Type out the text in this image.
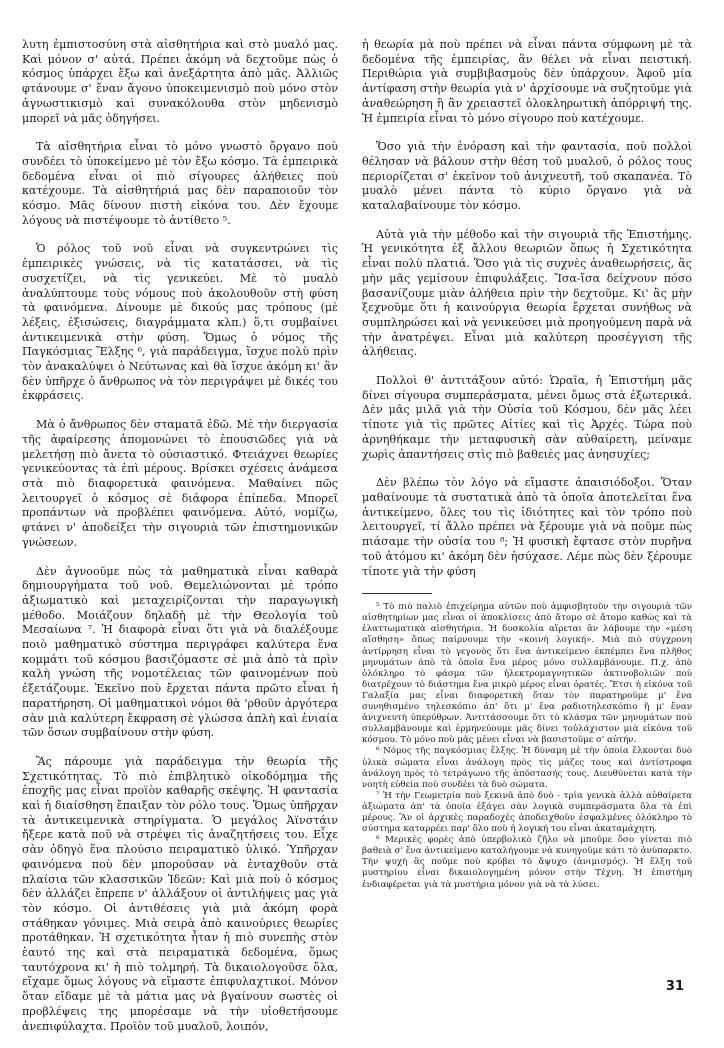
λυτη ἐμπιστοσύνη στὰ αἰσθητήρια καὶ στὸ μυαλό μας. Καὶ μόνον σ' αὐτά. Πρέπει ἀκόμη νὰ δεχτοῦμε πὼς ὁ κόσμος ὑπάρχει ἔξω καὶ ἀνεξάρτητα ἀπὸ μᾶς. Ἀλλιῶς φτάνουμε σ' ἕναν ἄγονο ὑποκειμενισμὸ ποὺ μόνο στὸν ἀγνωστικισμὸ καὶ συνακόλουθα στὸν μηδενισμὸ μπορεῖ νὰ μᾶς ὁδηγήσει.

Τὰ αἰσθητήρια εἶναι τὸ μόνο γνωστὸ ὄργανο ποὺ συνδέει τὸ ὑποκείμενο μὲ τὸν ἔξω κόσμο. Τὰ ἐμπειρικὰ δεδομένα εἶναι οἱ πιὸ σίγουρες ἀλήθειες ποὺ κατέχουμε. Τὰ αἰσθητήριά μας δὲν παραποιοῦν τὸν κόσμο. Μᾶς δίνουν πιστὴ εἰκόνα του. Δὲν ἔχουμε λόγους νὰ πιστέψουμε τὸ ἀντίθετο ⁵.

Ὁ ρόλος τοῦ νοῦ εἶναι νὰ συγκεντρώνει τὶς ἐμπειρικὲς γνώσεις, νὰ τὶς κατατάσσει, νὰ τὶς συσχετίζει, νὰ τὶς γενικεύει. Μὲ τὸ μυαλὸ ἀναλύπτουμε τοὺς νόμους ποὺ ἀκολουθοῦν στὴ φύση τὰ φαινόμενα. Δίνουμε μὲ δικούς μας τρόπους (μὲ λέξεις, ἐξισώσεις, διαγράμματα κλπ.) ὅ,τι συμβαίνει ἀντικειμενικὰ στὴν φύση. Ὅμως ὁ νόμος τῆς Παγκόσμιας Ἕλξης ⁶, γιὰ παράδειγμα, ἴσχυε πολὺ πρὶν τὸν ἀνακαλύψει ὁ Νεύτωνας καὶ θὰ ἴσχυε ἀκόμη κι' ἂν δὲν ὑπῆρχε ὁ ἄνθρωπος νὰ τὸν περιγράψει μὲ δικές του ἐκφράσεις.

Μὰ ὁ ἄνθρωπος δὲν σταματᾶ ἐδῶ. Μὲ τὴν διεργασία τῆς ἀφαίρεσης ἀπομονώνει τὸ ἐπουσιῶδες γιὰ νὰ μελετήσῃ πιὸ ἄνετα τὸ οὐσιαστικό. Φτειάχνει θεωρίες γενικεύοντας τὰ ἐπὶ μέρους. Βρίσκει σχέσεις ἀνάμεσα στὰ πιὸ διαφορετικὰ φαινόμενα. Μαθαίνει πῶς λειτουργεῖ ὁ κόσμος σὲ διάφορα ἐπίπεδα. Μπορεῖ προπάντων νὰ προβλέπει φαινόμενα. Αὐτό, νομίζω, φτάνει ν' ἀποδείξει τὴν σιγουριὰ τῶν ἐπιστημονικῶν γνώσεων.

Δὲν ἀγνοοῦμε πὼς τὰ μαθηματικὰ εἶναι καθαρὰ δημιουργήματα τοῦ νοῦ. Θεμελιώνονται μὲ τρόπο ἀξιωματικὸ καὶ μεταχειρίζονται τὴν παραγωγικὴ μέθοδο. Μοιάζουν δηλαδὴ μὲ τὴν Θεολογία τοῦ Μεσαίωνα ⁷. Ἡ διαφορὰ εἶναι ὅτι γιὰ νὰ διαλέξουμε ποιὸ μαθηματικὸ σύστημα περιγράφει καλύτερα ἕνα κομμάτι τοῦ κόσμου βασιζόμαστε σὲ μιὰ ἀπὸ τὰ πρὶν καλὴ γνώση τῆς νομοτέλειας τῶν φαινομένων ποὺ ἐξετάζουμε. Ἐκεῖνο ποὺ ἔρχεται πάντα πρῶτο εἶναι ἡ παρατήρηση. Οἱ μαθηματικοὶ νόμοι θὰ 'ρθοῦν ἀργότερα σὰν μιὰ καλύτερη ἔκφραση σὲ γλώσσα ἁπλὴ καὶ ἑνιαία τῶν ὅσων συμβαίνουν στὴν φύση.

Ἂς πάρουμε γιὰ παράδειγμα τὴν θεωρία τῆς Σχετικότητας. Τὸ πιὸ ἐπιβλητικὸ οἰκοδόμημα τῆς ἐποχῆς μας εἶναι προϊὸν καθαρῆς σκέψης. Ἡ φαντασία καὶ ἡ διαίσθηση ἔπαιξαν τὸν ρόλο τους. Ὅμως ὑπῆρχαν τὰ ἀντικειμενικὰ στηρίγματα. Ὁ μεγάλος Ἀϊνστάιν ἤξερε κατὰ ποῦ νὰ στρέψει τὶς ἀναζητήσεις του. Εἶχε σὰν ὁδηγὸ ἕνα πλούσιο πειραματικὸ ὑλικό. Ὑπῆρχαν φαινόμενα ποὺ δὲν μποροῦσαν νὰ ἐνταχθοῦν στὰ πλαίσια τῶν κλασσικῶν Ἰδεῶν: Καὶ μιὰ ποὺ ὁ κόσμος δὲν ἀλλάζει ἔπρεπε ν' ἀλλάξουν οἱ ἀντιλήψεις μας γιὰ τὸν κόσμο. Οἱ ἀντιθέσεις γιὰ μιὰ ἀκόμη φορὰ στάθηκαν γόνιμες. Μιὰ σειρὰ ἀπὸ καινούριες θεωρίες προτάθηκαν. Ἡ σχετικότητα ἦταν ἡ πιὸ συνεπὴς στὸν ἑαυτό της καὶ στὰ πειραματικὰ δεδομένα, ὅμως ταυτόχρονα κι' ἡ πιὸ τολμηρή. Τὰ δικαιολογοῦσε ὅλα, εἴχαμε ὅμως λόγους νὰ εἴμαστε ἐπιφυλαχτικοί. Μόνον ὅταν εἴδαμε μὲ τὰ μάτια μας νὰ βγαίνουν σωστὲς οἱ προβλέψεις της μπορέσαμε νὰ τὴν υἱοθετήσουμε ἀνεπιφύλαχτα. Προϊὸν τοῦ μυαλοῦ, λοιπόν,

ἡ θεωρία μὰ ποὺ πρέπει νὰ εἶναι πάντα σύμφωνη μὲ τὰ δεδομένα τῆς ἐμπειρίας, ἂν θέλει νὰ εἶναι πειστική. Περιθώρια γιὰ συμβιβασμοὺς δὲν ὑπάρχουν. Ἀφοῦ μία ἀντίφαση στὴν θεωρία γιὰ ν' ἀρχίσουμε νὰ συζητοῦμε γιὰ ἀναθεώρηση ἢ ἂν χρειαστεῖ ὁλοκληρωτικὴ ἀπόρριψή της. Ἡ ἐμπειρία εἶναι τὸ μόνο σίγουρο ποὺ κατέχουμε.

Ὅσο γιὰ τὴν ἐνόραση καὶ τὴν φαντασία, ποὺ πολλοὶ θέλησαν νὰ βάλουν στὴν θέση τοῦ μυαλοῦ, ὁ ρόλος τους περιορίζεται σ' ἐκεῖνον τοῦ ἀνιχνευτῆ, τοῦ σκαπανέα. Τὸ μυαλὸ μένει πάντα τὸ κύριο ὄργανο γιὰ νὰ καταλαβαίνουμε τὸν κόσμο.

Αὐτὰ γιὰ τὴν μέθοδο καὶ τὴν σιγουριὰ τῆς Ἐπιστήμης. Ἡ γενικότητα ἐξ ἄλλου θεωριῶν ὅπως ἡ Σχετικότητα εἶναι πολὺ πλατιά. Ὅσο γιὰ τὶς συχνὲς ἀναθεωρήσεις, ἂς μὴν μᾶς γεμίσουν ἐπιφυλάξεις. Ἴσα-ἴσα δείχνουν πόσο βασανίζουμε μιὰν ἀλήθεια πρὶν τὴν δεχτοῦμε. Κι' ἂς μὴν ξεχνοῦμε ὅτι ἡ καινούργια θεωρία ἔρχεται συνήθως νὰ συμπληρώσει καὶ νὰ γενικεύσει μιὰ προηγούμενη παρὰ νὰ τὴν ἀνατρέψει. Εἶναι μιὰ καλύτερη προσέγγιση τῆς ἀλήθειας.

Πολλοὶ θ' ἀντιτάξουν αὐτό: Ὡραῖα, ἡ Ἐπιστήμη μᾶς δίνει σίγουρα συμπεράσματα, μένει ὅμως στὰ ἐξωτερικά. Δὲν μᾶς μιλᾶ γιὰ τὴν Οὐσία τοῦ Κόσμου, δὲν μᾶς λέει τίποτε γιὰ τὶς πρῶτες Αἰτίες καὶ τὶς Ἀρχές. Τώρα ποὺ ἀρνηθήκαμε τὴν μεταφυσικὴ σὰν αὐθαίρετη, μείναμε χωρὶς ἀπαντήσεις στὶς πιὸ βαθειὲς μας ἀνησυχίες;

Δὲν βλέπω τὸν λόγο νὰ εἴμαστε ἀπαισιόδοξοι. Ὅταν μαθαίνουμε τὰ συστατικὰ ἀπὸ τὰ ὁποῖα ἀποτελεῖται ἕνα ἀντικείμενο, ὅλες του τὶς ἰδιότητες καὶ τὸν τρόπο ποὺ λειτουργεῖ, τί ἄλλο πρέπει νὰ ξέρουμε γιὰ νὰ ποῦμε πὼς πιάσαμε τὴν οὐσία του ⁸; Ἡ φυσικὴ ἔφτασε στὸν πυρῆνα τοῦ ἀτόμου κι' ἀκόμη δὲν ἡσύχασε. Λέμε πὼς δὲν ξέρουμε τίποτε γιὰ τὴν φύση

⁵ Τὸ πιὸ παλιὸ ἐπιχείρημα αὐτῶν ποὺ ἀμφισβητοῦν τὴν σιγουριὰ τῶν αἰσθητηρίων μας εἶναι οἱ ἀποκλίσεις ἀπὸ ἄτομο σὲ ἄτομο καθὼς καὶ τὰ ἐλαττωματικὰ αἰσθητήρια. Ἡ δυσκολία αἴρεται ἂν λάβουμε τὴν «μέση αἴσθηση» ὅπως παίρνουμε τὴν «κοινὴ λογική». Μιὰ πιὸ σύγχρονη ἀντίρρηση εἶναι τὸ γεγονὸς ὅτι ἕνα ἀντικείμενο ἐκπέμπει ἕνα πλῆθος μηνυμάτων ἀπὸ τὰ ὁποῖα ἕνα μέρος μόνο συλλαμβάνουμε. Π.χ. ἀπὸ ὁλόκληρο τὸ φάσμα τῶν ἠλεκτρομαγνητικῶν ἀκτινοβολιῶν ποὺ διατρέχουν τὸ διάστημα ἕνα μικρὸ μέρος εἶναι ὁρατές. Ἔτσι ἡ εἰκόνα τοῦ Γαλαξία μας εἶναι διαφορετικὴ ὅταν τὸν παρατηροῦμε μ' ἕνα συνηθισμένο τηλεσκόπιο ἀπ' ὅτι μ' ἕνα ραδιοτηλεσκόπιο ἢ μ' ἕναν ἀνιχνευτὴ ὑπερύθρων. Ἀντιτάσσουμε ὅτι τὸ κλάσμα τῶν μηνυμάτων ποὺ συλλαμβάνουμε καὶ ἑρμηνεύουμε μᾶς δίνει τοὐλάχιστον μιὰ εἰκόνα τοῦ κόσμου. Τὸ μόνο ποὺ μᾶς μένει εἶναι νὰ βασιστοῦμε σ' αὐτήν.

⁶ Νόμος τῆς παγκόσμιας ἕλξης. Ἡ δύναμη μὲ τὴν ὁποία ἕλκονται δυὸ ὑλικὰ σώματα εἶναι ἀνάλογη πρὸς τὶς μάζες τους καὶ ἀντίστροφα ἀνάλογη πρὸς τὸ τετράγωνο τῆς ἀπόστασής τους. Διευθύνεται κατὰ τὴν νοητὴ εὐθεία ποὺ συνδέει τὰ δυὸ σώματα.

⁷ Ἡ τὴν Γεωμετρία ποὺ ξεκινᾶ ἀπὸ δυὸ - τρία γενικὰ ἀλλὰ αὐθαίρετα ἀξιώματα ἀπ' τὰ ὁποῖα ἐξάγει σὰν λογικὰ συμπεράσματα ὅλα τὰ ἐπὶ μέρους. Ἂν οἱ ἀρχικὲς παραδοχὲς ἀποδειχθοῦν ἐσφαλμένες ὁλόκληρο τὸ σύστημα καταρρέει παρ' ὅλο ποὺ ἡ λογική του εἶναι ἀκαταμάχητη.

⁸ Μερικὲς φορὲς ἀπὸ ὑπερβολικὸ ζῆλο νὰ μποῦμε ὅσο γίνεται πιὸ βαθειὰ σ' ἕνα ἀντικείμενο καταλήγουμε νὰ κυνηγοῦμε κάτι τὸ ἀνύπαρκτο. Τὴν ψυχὴ ἂς ποῦμε ποὺ κρύβει τὸ ἄψυχο (ἀνιμισμός). Ἡ ἕλξη τοῦ μυστηρίου εἶναι δικαιολογημένη μόνον στὴν Τέχνη. Ἡ ἐπιστήμη ἐνδιαφέρεται γιὰ τὰ μυστήρια μόνον γιὰ νὰ τὰ λύσει.

31
